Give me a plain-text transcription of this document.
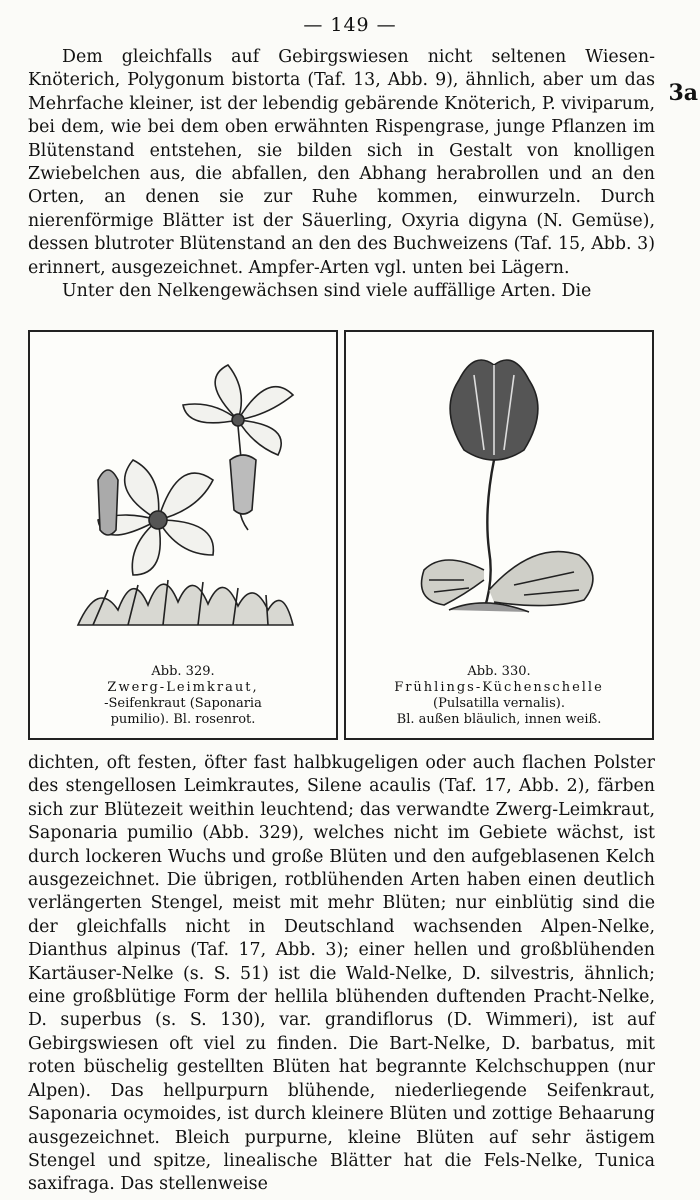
— 149 —
3a

Dem gleichfalls auf Gebirgswiesen nicht seltenen Wiesen-Knöterich, Polygonum bistorta (Taf. 13, Abb. 9), ähnlich, aber um das Mehrfache kleiner, ist der lebendig gebärende Knöterich, P. viviparum, bei dem, wie bei dem oben erwähnten Rispengrase, junge Pflanzen im Blütenstand entstehen, sie bilden sich in Gestalt von knolligen Zwiebelchen aus, die abfallen, den Abhang herabrollen und an den Orten, an denen sie zur Ruhe kommen, einwurzeln. Durch nierenförmige Blätter ist der Säuerling, Oxyria digyna (N. Gemüse), dessen blutroter Blütenstand an den des Buchweizens (Taf. 15, Abb. 3) erinnert, ausgezeichnet. Ampfer-Arten vgl. unten bei Lägern.

Unter den Nelkengewächsen sind viele auffällige Arten. Die

Abb. 329.
Zwerg-Leimkraut,
-Seifenkraut (Saponaria
pumilio). Bl. rosenrot.
Abb. 330.
Frühlings-Küchenschelle
(Pulsatilla vernalis).
Bl. außen bläulich, innen weiß.

dichten, oft festen, öfter fast halbkugeligen oder auch flachen Polster des stengellosen Leimkrautes, Silene acaulis (Taf. 17, Abb. 2), färben sich zur Blütezeit weithin leuchtend; das verwandte Zwerg-Leimkraut, Saponaria pumilio (Abb. 329), welches nicht im Gebiete wächst, ist durch lockeren Wuchs und große Blüten und den aufgeblasenen Kelch ausgezeichnet. Die übrigen, rotblühenden Arten haben einen deutlich verlängerten Stengel, meist mit mehr Blüten; nur einblütig sind die der gleichfalls nicht in Deutschland wachsenden Alpen-Nelke, Dianthus alpinus (Taf. 17, Abb. 3); einer hellen und großblühenden Kartäuser-Nelke (s. S. 51) ist die Wald-Nelke, D. silvestris, ähnlich; eine großblütige Form der hellila blühenden duftenden Pracht-Nelke, D. superbus (s. S. 130), var. grandiflorus (D. Wimmeri), ist auf Gebirgswiesen oft viel zu finden. Die Bart-Nelke, D. barbatus, mit roten büschelig gestellten Blüten hat begrannte Kelchschuppen (nur Alpen). Das hellpurpurn blühende, niederliegende Seifenkraut, Saponaria ocymoides, ist durch kleinere Blüten und zottige Behaarung ausgezeichnet. Bleich purpurne, kleine Blüten auf sehr ästigem Stengel und spitze, linealische Blätter hat die Fels-Nelke, Tunica saxifraga. Das stellenweise
